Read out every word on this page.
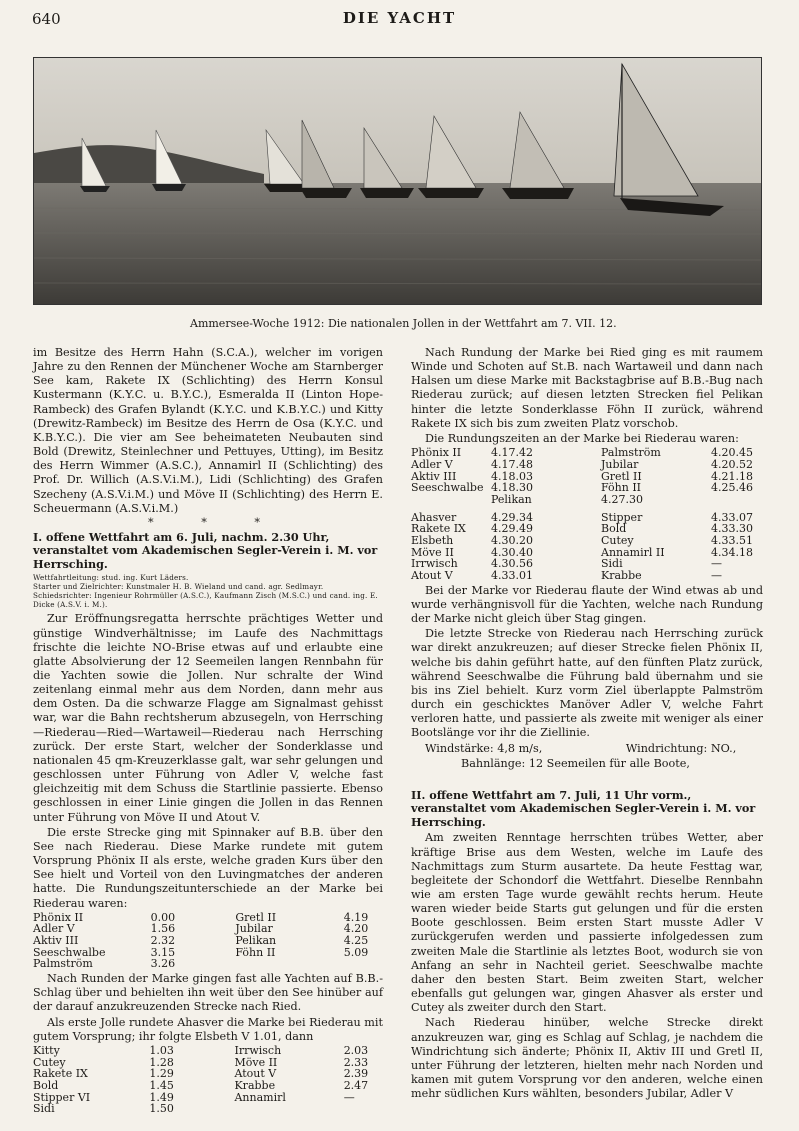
640	DIE YACHT
Ammersee-Woche 1912: Die nationalen Jollen in der Wettfahrt am 7. VII. 12.

im Besitze des Herrn Hahn (S.C.A.), welcher im vorigen Jahre zu den Rennen der Münchener Woche am Starnberger See kam, Rakete IX (Schlichting) des Herrn Konsul Kustermann (K.Y.C. u. B.Y.C.), Esmeralda II (Linton Hope-Rambeck) des Grafen Bylandt (K.Y.C. und K.B.Y.C.) und Kitty (Drewitz-Rambeck) im Besitze des Herrn de Osa (K.Y.C. und K.B.Y.C.). Die vier am See beheimateten Neubauten sind Bold (Drewitz, Steinlechner und Pettuyes, Utting), im Besitz des Herrn Wimmer (A.S.C.), Annamirl II (Schlichting) des Prof. Dr. Willich (A.S.V.i.M.), Lidi (Schlichting) des Grafen Szecheny (A.S.V.i.M.) und Möve II (Schlichting) des Herrn E. Scheuermann (A.S.V.i.M.)

* * *

I. offene Wettfahrt am 6. Juli, nachm. 2.30 Uhr, veranstaltet vom Akademischen Segler-Verein i. M. vor Herrsching.

Wettfahrtleitung: stud. ing. Kurt Läders.

Starter und Zielrichter: Kunstmaler H. B. Wieland und cand. agr. Sedlmayr.

Schiedsrichter: Ingenieur Rohrmüller (A.S.C.), Kaufmann Zisch (M.S.C.) und cand. ing. E. Dicke (A.S.V. i. M.).

Zur Eröffnungsregatta herrschte prächtiges Wetter und günstige Windverhältnisse; im Laufe des Nachmittags frischte die leichte NO-Brise etwas auf und erlaubte eine glatte Absolvierung der 12 Seemeilen langen Rennbahn für die Yachten sowie die Jollen. Nur schralte der Wind zeitenlang einmal mehr aus dem Norden, dann mehr aus dem Osten. Da die schwarze Flagge am Signalmast gehisst war, war die Bahn rechtsherum abzusegeln, von Herrsching—Riederau—Ried—Wartaweil—Riederau nach Herrsching zurück. Der erste Start, welcher der Sonderklasse und nationalen 45 qm-Kreuzerklasse galt, war sehr gelungen und geschlossen unter Führung von Adler V, welche fast gleichzeitig mit dem Schuss die Startlinie passierte. Ebenso geschlossen in einer Linie gingen die Jollen in das Rennen unter Führung von Möve II und Atout V.

Die erste Strecke ging mit Spinnaker auf B.B. über den See nach Riederau. Diese Marke rundete mit gutem Vorsprung Phönix II als erste, welche graden Kurs über den See hielt und Vorteil von den Luvingmatches der anderen hatte. Die Rundungszeitunterschiede an der Marke bei Riederau waren:

Phönix II	0.00	Gretl II	4.19
Adler V	1.56	Jubilar	4.20
Aktiv III	2.32	Pelikan	4.25
Seeschwalbe	3.15	Föhn II	5.09
Palmström	3.26		

Nach Runden der Marke gingen fast alle Yachten auf B.B.-Schlag über und behielten ihn weit über den See hinüber auf der darauf anzukreuzenden Strecke nach Ried.

Als erste Jolle rundete Ahasver die Marke bei Riederau mit gutem Vorsprung; ihr folgte Elsbeth V 1.01, dann

Kitty	1.03	Irrwisch	2.03
Cutey	1.28	Möve II	2.33
Rakete IX	1.29	Atout V	2.39
Bold	1.45	Krabbe	2.47
Stipper VI	1.49	Annamirl	—
Sidi	1.50		

Nach Rundung der Marke bei Ried ging es mit raumem Winde und Schoten auf St.B. nach Wartaweil und dann nach Halsen um diese Marke mit Backstagbrise auf B.B.-Bug nach Riederau zurück; auf diesen letzten Strecken fiel Pelikan hinter die letzte Sonderklasse Föhn II zurück, während Rakete IX sich bis zum zweiten Platz vorschob.

Die Rundungszeiten an der Marke bei Riederau waren:

Phönix II	4.17.42	Palmström	4.20.45
Adler V	4.17.48	Jubilar	4.20.52
Aktiv III	4.18.03	Gretl II	4.21.18
Seeschwalbe	4.18.30	Föhn II	4.25.46
	Pelikan	4.27.30	
Ahasver	4.29.34	Stipper	4.33.07
Rakete IX	4.29.49	Bold	4.33.30
Elsbeth	4.30.20	Cutey	4.33.51
Möve II	4.30.40	Annamirl II	4.34.18
Irrwisch	4.30.56	Sidi	—
Atout V	4.33.01	Krabbe	—

Bei der Marke vor Riederau flaute der Wind etwas ab und wurde verhängnisvoll für die Yachten, welche nach Rundung der Marke nicht gleich über Stag gingen.

Die letzte Strecke von Riederau nach Herrsching zurück war direkt anzukreuzen; auf dieser Strecke fielen Phönix II, welche bis dahin geführt hatte, auf den fünften Platz zurück, während Seeschwalbe die Führung bald übernahm und sie bis ins Ziel behielt. Kurz vorm Ziel überlappte Palmström durch ein geschicktes Manöver Adler V, welche Fahrt verloren hatte, und passierte als zweite mit weniger als einer Bootslänge vor ihr die Ziellinie.

Windstärke: 4,8 m/s,	Windrichtung: NO.,

Bahnlänge: 12 Seemeilen für alle Boote,

II. offene Wettfahrt am 7. Juli, 11 Uhr vorm., veranstaltet vom Akademischen Segler-Verein i. M. vor Herrsching.

Am zweiten Renntage herrschten trübes Wetter, aber kräftige Brise aus dem Westen, welche im Laufe des Nachmittags zum Sturm ausartete. Da heute Festtag war, begleitete der Schondorf die Wettfahrt. Dieselbe Rennbahn wie am ersten Tage wurde gewählt rechts herum. Heute waren wieder beide Starts gut gelungen und für die ersten Boote geschlossen. Beim ersten Start musste Adler V zurückgerufen werden und passierte infolgedessen zum zweiten Male die Startlinie als letztes Boot, wodurch sie von Anfang an sehr in Nachteil geriet. Seeschwalbe machte daher den besten Start. Beim zweiten Start, welcher ebenfalls gut gelungen war, gingen Ahasver als erster und Cutey als zweiter durch den Start.

Nach Riederau hinüber, welche Strecke direkt anzukreuzen war, ging es Schlag auf Schlag, je nachdem die Windrichtung sich änderte; Phönix II, Aktiv III und Gretl II, unter Führung der letzteren, hielten mehr nach Norden und kamen mit gutem Vorsprung vor den anderen, welche einen mehr südlichen Kurs wählten, besonders Jubilar, Adler V
